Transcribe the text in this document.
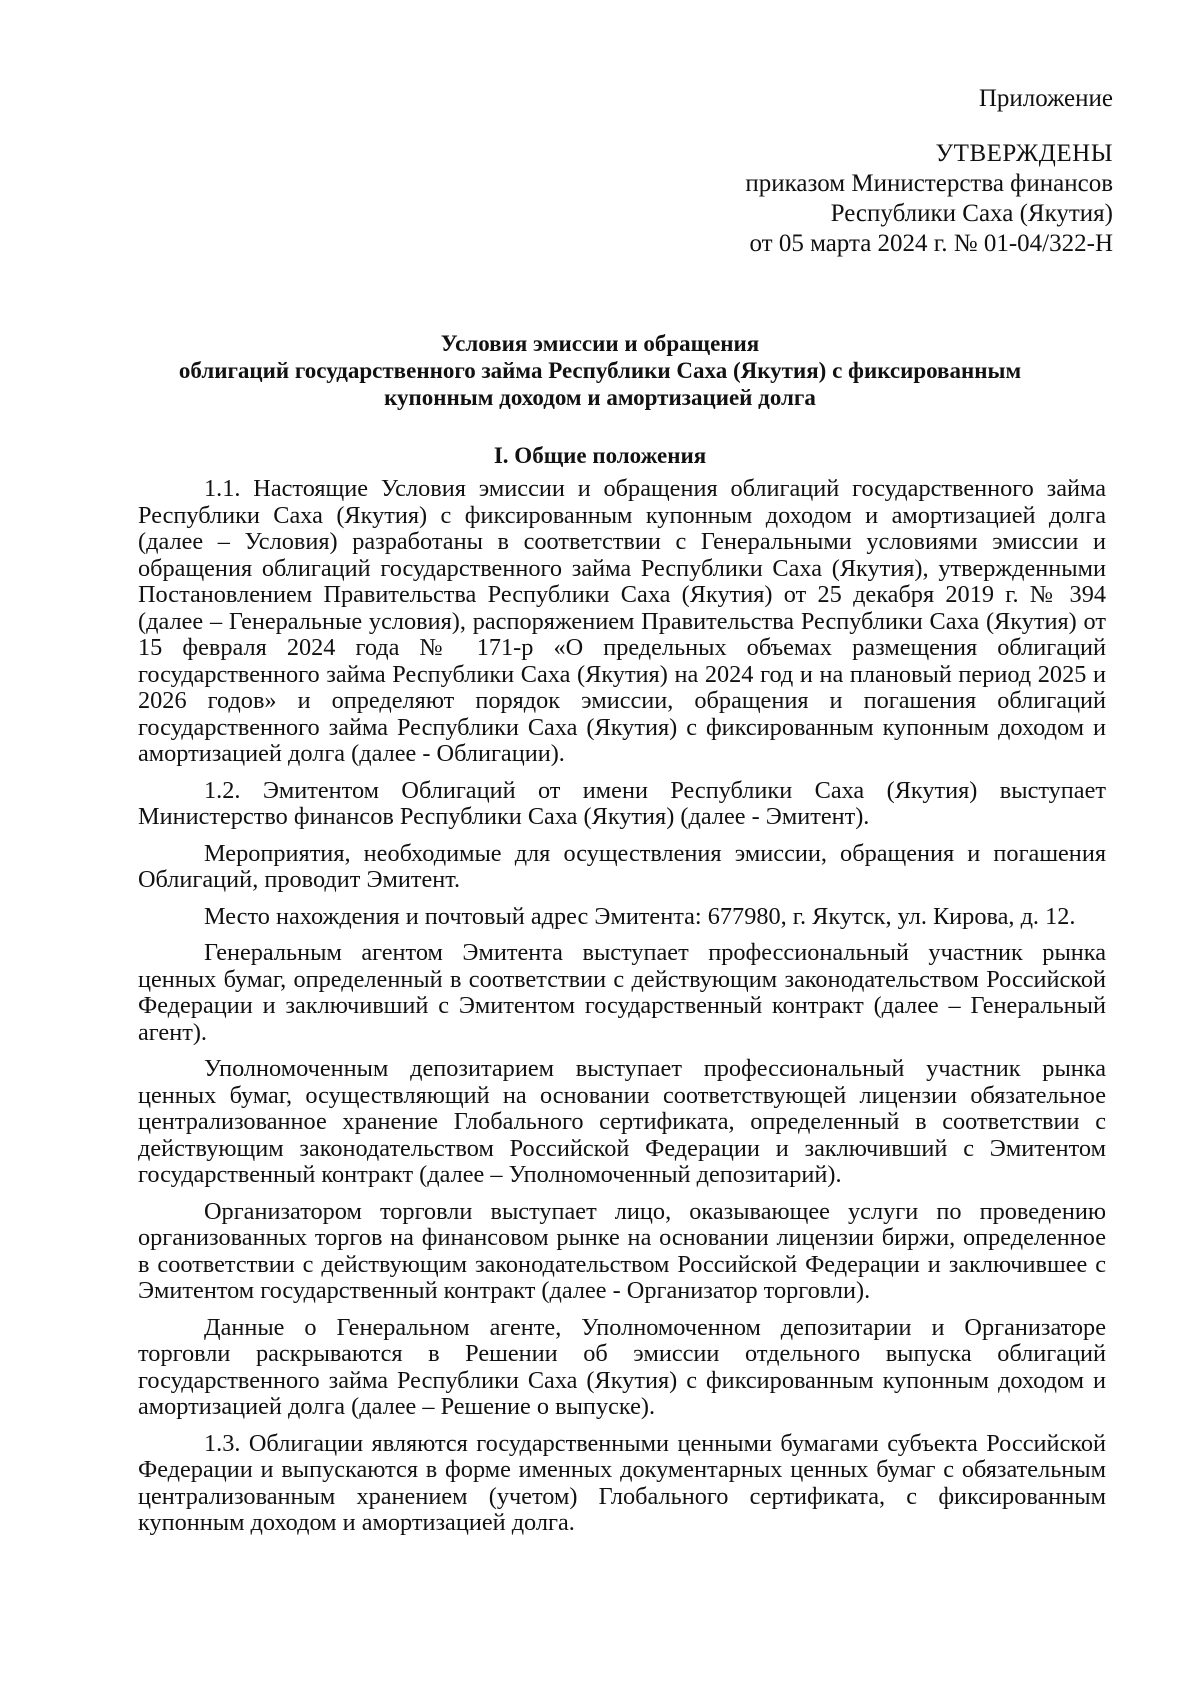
Приложение
УТВЕРЖДЕНЫ
приказом Министерства финансов
Республики Саха (Якутия)
от 05 марта 2024 г. № 01-04/322-Н
Условия эмиссии и обращения
облигаций государственного займа Республики Саха (Якутия) с фиксированным
купонным доходом и амортизацией долга
I. Общие положения

1.1. Настоящие Условия эмиссии и обращения облигаций государственного займа Республики Саха (Якутия) с фиксированным купонным доходом и амортизацией долга (далее – Условия) разработаны в соответствии с Генеральными условиями эмиссии и обращения облигаций государственного займа Республики Саха (Якутия), утвержденными Постановлением Правительства Республики Саха (Якутия) от 25 декабря 2019 г. № 394 (далее – Генеральные условия), распоряжением Правительства Республики Саха (Якутия) от 15 февраля 2024 года № 171-р «О предельных объемах размещения облигаций государственного займа Республики Саха (Якутия) на 2024 год и на плановый период 2025 и 2026 годов» и определяют порядок эмиссии, обращения и погашения облигаций государственного займа Республики Саха (Якутия) с фиксированным купонным доходом и амортизацией долга (далее - Облигации).

1.2. Эмитентом Облигаций от имени Республики Саха (Якутия) выступает Министерство финансов Республики Саха (Якутия) (далее - Эмитент).

Мероприятия, необходимые для осуществления эмиссии, обращения и погашения Облигаций, проводит Эмитент.

Место нахождения и почтовый адрес Эмитента: 677980, г. Якутск, ул. Кирова, д. 12.

Генеральным агентом Эмитента выступает профессиональный участник рынка ценных бумаг, определенный в соответствии с действующим законодательством Российской Федерации и заключивший с Эмитентом государственный контракт (далее – Генеральный агент).

Уполномоченным депозитарием выступает профессиональный участник рынка ценных бумаг, осуществляющий на основании соответствующей лицензии обязательное централизованное хранение Глобального сертификата, определенный в соответствии с действующим законодательством Российской Федерации и заключивший с Эмитентом государственный контракт (далее – Уполномоченный депозитарий).

Организатором торговли выступает лицо, оказывающее услуги по проведению организованных торгов на финансовом рынке на основании лицензии биржи, определенное в соответствии с действующим законодательством Российской Федерации и заключившее с Эмитентом государственный контракт (далее - Организатор торговли).

Данные о Генеральном агенте, Уполномоченном депозитарии и Организаторе торговли раскрываются в Решении об эмиссии отдельного выпуска облигаций государственного займа Республики Саха (Якутия) с фиксированным купонным доходом и амортизацией долга (далее – Решение о выпуске).

1.3. Облигации являются государственными ценными бумагами субъекта Российской Федерации и выпускаются в форме именных документарных ценных бумаг с обязательным централизованным хранением (учетом) Глобального сертификата, с фиксированным купонным доходом и амортизацией долга.
